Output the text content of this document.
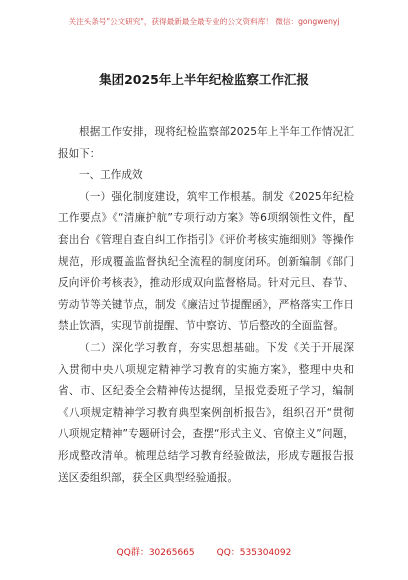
关注头条号"公文研究"，获得最新最全最专业的公文资料库！ 微信：gongwenyj
集团2025年上半年纪检监察工作汇报

根据工作安排，现将纪检监察部2025年上半年工作情况汇报如下：

一、工作成效

（一）强化制度建设，筑牢工作根基。制发《2025年纪检工作要点》《“清廉护航”专项行动方案》等6项纲领性文件，配套出台《管理自查自纠工作指引》《评价考核实施细则》等操作规范，形成覆盖监督执纪全流程的制度闭环。创新编制《部门反向评价考核表》，推动形成双向监督格局。针对元旦、春节、劳动节等关键节点，制发《廉洁过节提醒函》，严格落实工作日禁止饮酒，实现节前提醒、节中察访、节后整改的全面监督。

（二）深化学习教育，夯实思想基础。下发《关于开展深入贯彻中央八项规定精神学习教育的实施方案》，整理中央和省、市、区纪委全会精神传达提纲，呈报党委班子学习，编制《八项规定精神学习教育典型案例剖析报告》，组织召开“贯彻八项规定精神”专题研讨会，查摆“形式主义、官僚主义”问题，形成整改清单。梳理总结学习教育经验做法，形成专题报告报送区委组织部，获全区典型经验通报。

QQ群：30265665 QQ：535304092
